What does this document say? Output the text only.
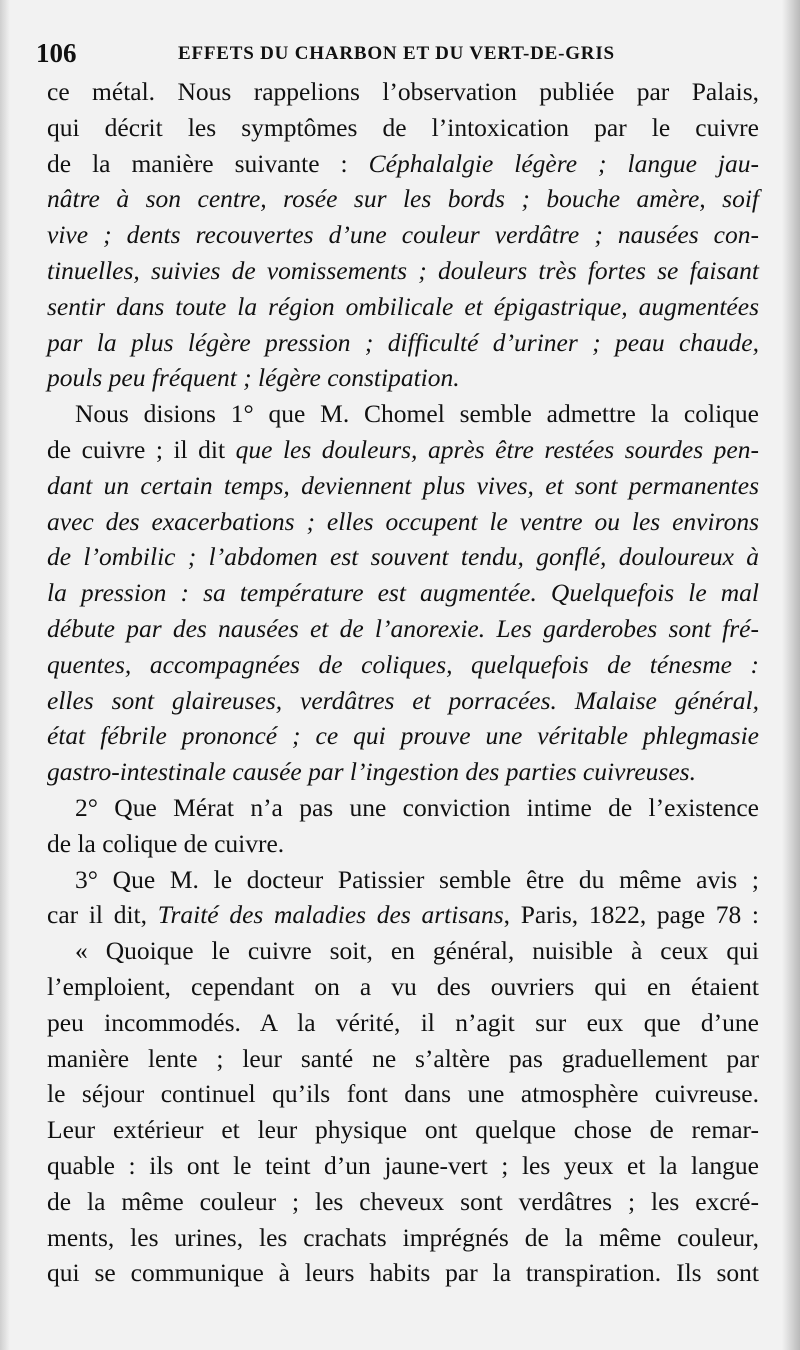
106	EFFETS DU CHARBON ET DU VERT-DE-GRIS
ce métal. Nous rappelions l’observation publiée par Palais,
qui décrit les symptômes de l’intoxication par le cuivre
de la manière suivante : Céphalalgie légère ; langue jau-
nâtre à son centre, rosée sur les bords ; bouche amère, soif
vive ; dents recouvertes d’une couleur verdâtre ; nausées con-
tinuelles, suivies de vomissements ; douleurs très fortes se faisant
sentir dans toute la région ombilicale et épigastrique, augmentées
par la plus légère pression ; difficulté d’uriner ; peau chaude,
pouls peu fréquent ; légère constipation.
Nous disions 1° que M. Chomel semble admettre la colique
de cuivre ; il dit que les douleurs, après être restées sourdes pen-
dant un certain temps, deviennent plus vives, et sont permanentes
avec des exacerbations ; elles occupent le ventre ou les environs
de l’ombilic ; l’abdomen est souvent tendu, gonflé, douloureux à
la pression : sa température est augmentée. Quelquefois le mal
débute par des nausées et de l’anorexie. Les garderobes sont fré-
quentes, accompagnées de coliques, quelquefois de ténesme :
elles sont glaireuses, verdâtres et porracées. Malaise général,
état fébrile prononcé ; ce qui prouve une véritable phlegmasie
gastro-intestinale causée par l’ingestion des parties cuivreuses.
2° Que Mérat n’a pas une conviction intime de l’existence
de la colique de cuivre.
3° Que M. le docteur Patissier semble être du même avis ;
car il dit, Traité des maladies des artisans, Paris, 1822, page 78 :
« Quoique le cuivre soit, en général, nuisible à ceux qui
l’emploient, cependant on a vu des ouvriers qui en étaient
peu incommodés. A la vérité, il n’agit sur eux que d’une
manière lente ; leur santé ne s’altère pas graduellement par
le séjour continuel qu’ils font dans une atmosphère cuivreuse.
Leur extérieur et leur physique ont quelque chose de remar-
quable : ils ont le teint d’un jaune-vert ; les yeux et la langue
de la même couleur ; les cheveux sont verdâtres ; les excré-
ments, les urines, les crachats imprégnés de la même couleur,
qui se communique à leurs habits par la transpiration. Ils sont
